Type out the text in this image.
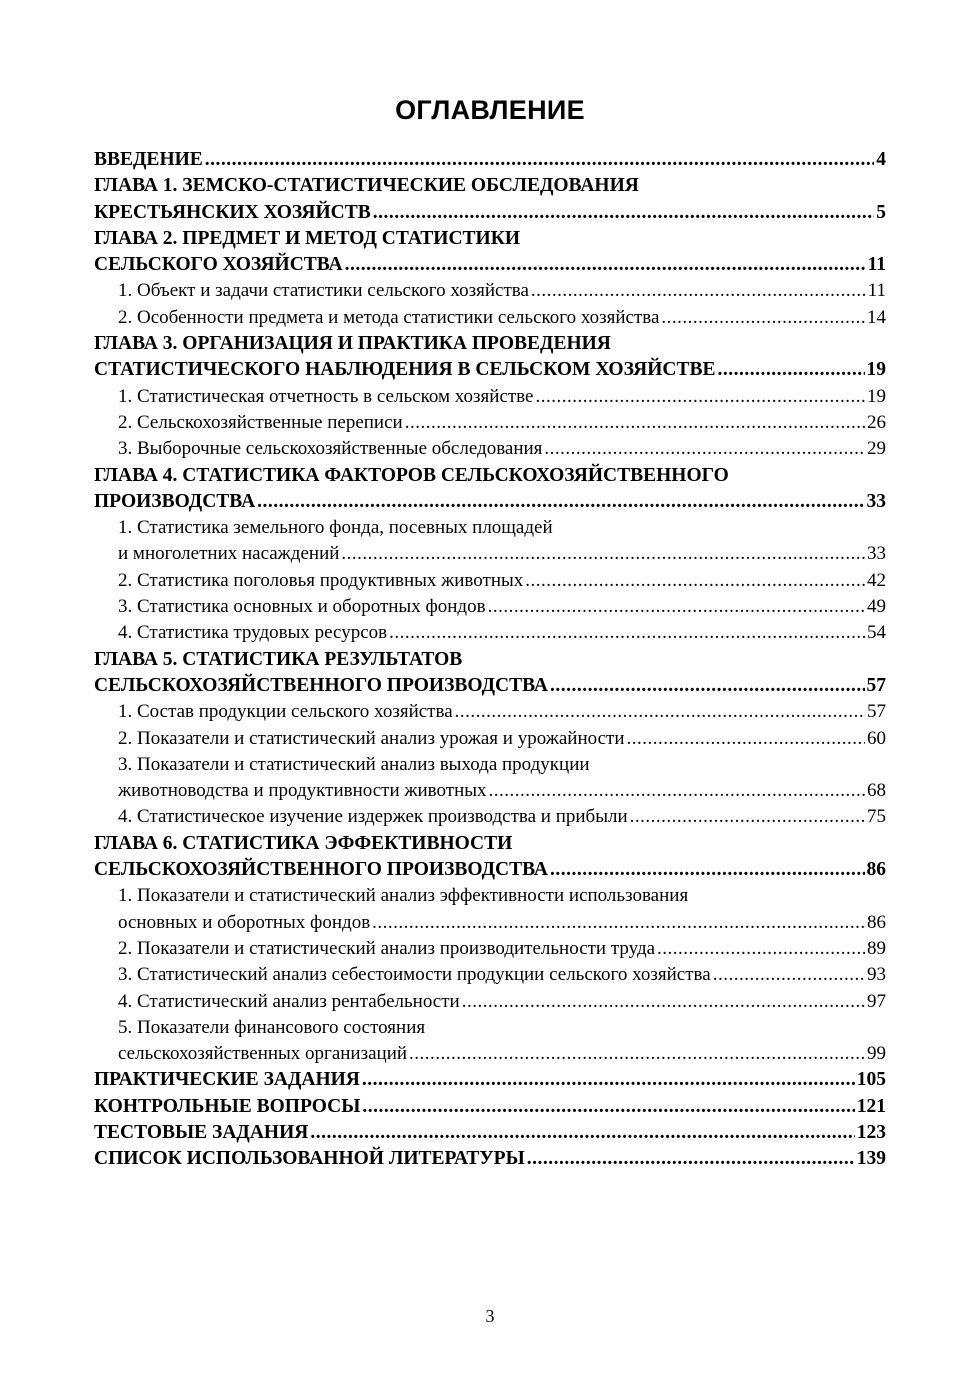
ОГЛАВЛЕНИЕ
ВВЕДЕНИЕ .....	4
ГЛАВА 1. ЗЕМСКО-СТАТИСТИЧЕСКИЕ ОБСЛЕДОВАНИЯ
КРЕСТЬЯНСКИХ ХОЗЯЙСТВ .....	5
ГЛАВА 2. ПРЕДМЕТ И МЕТОД СТАТИСТИКИ
СЕЛЬСКОГО ХОЗЯЙСТВА .....	11
1. Объект и задачи статистики сельского хозяйства .....	11
2. Особенности предмета и метода статистики сельского хозяйства .....	14
ГЛАВА 3. ОРГАНИЗАЦИЯ И ПРАКТИКА ПРОВЕДЕНИЯ
СТАТИСТИЧЕСКОГО НАБЛЮДЕНИЯ В СЕЛЬСКОМ ХОЗЯЙСТВЕ .....	19
1. Статистическая отчетность в сельском хозяйстве .....	19
2. Сельскохозяйственные переписи .....	26
3. Выборочные сельскохозяйственные обследования .....	29
ГЛАВА 4. СТАТИСТИКА ФАКТОРОВ СЕЛЬСКОХОЗЯЙСТВЕННОГО
ПРОИЗВОДСТВА .....	33
1. Статистика земельного фонда, посевных площадей
и многолетних насаждений .....	33
2. Статистика поголовья продуктивных животных .....	42
3. Статистика основных и оборотных фондов .....	49
4. Статистика трудовых ресурсов .....	54
ГЛАВА 5. СТАТИСТИКА РЕЗУЛЬТАТОВ
СЕЛЬСКОХОЗЯЙСТВЕННОГО ПРОИЗВОДСТВА .....	57
1. Состав продукции сельского хозяйства .....	57
2. Показатели и статистический анализ урожая и урожайности .....	60
3. Показатели и статистический анализ выхода продукции
животноводства и продуктивности животных .....	68
4. Статистическое изучение издержек производства и прибыли .....	75
ГЛАВА 6. СТАТИСТИКА ЭФФЕКТИВНОСТИ
СЕЛЬСКОХОЗЯЙСТВЕННОГО ПРОИЗВОДСТВА .....	86
1. Показатели и статистический анализ эффективности использования
основных и оборотных фондов .....	86
2. Показатели и статистический анализ производительности труда .....	89
3. Статистический анализ себестоимости продукции сельского хозяйства .....	93
4. Статистический анализ рентабельности .....	97
5. Показатели финансового состояния
сельскохозяйственных организаций .....	99
ПРАКТИЧЕСКИЕ ЗАДАНИЯ .....	105
КОНТРОЛЬНЫЕ ВОПРОСЫ .....	121
ТЕСТОВЫЕ ЗАДАНИЯ .....	123
СПИСОК ИСПОЛЬЗОВАННОЙ ЛИТЕРАТУРЫ .....	139
3
